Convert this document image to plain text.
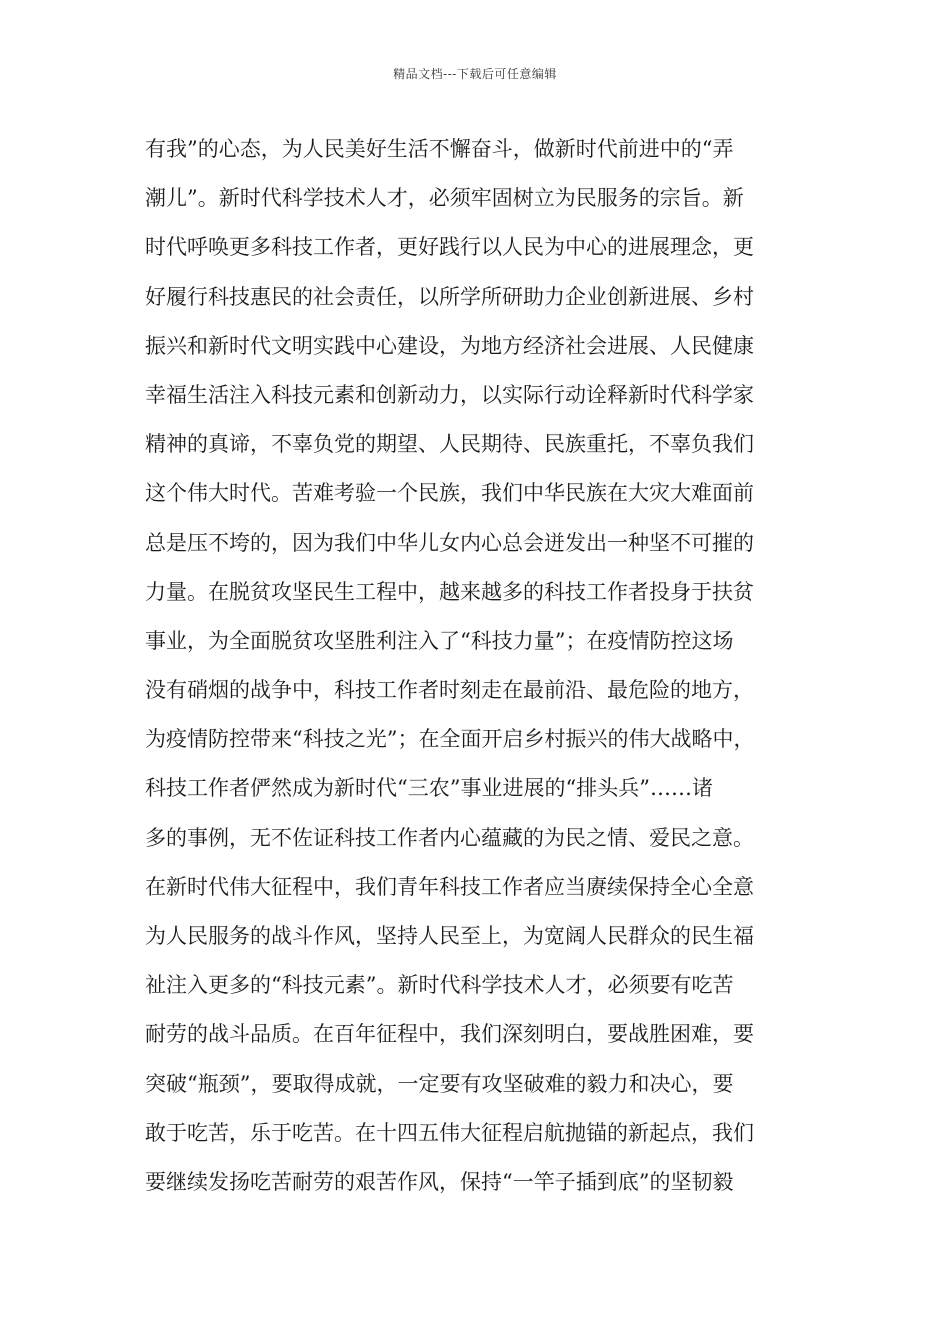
精品文档---下载后可任意编辑
有我”的心态，为人民美好生活不懈奋斗，做新时代前进中的“弄
潮儿”。新时代科学技术人才，必须牢固树立为民服务的宗旨。新
时代呼唤更多科技工作者，更好践行以人民为中心的进展理念，更
好履行科技惠民的社会责任，以所学所研助力企业创新进展、乡村
振兴和新时代文明实践中心建设，为地方经济社会进展、人民健康
幸福生活注入科技元素和创新动力，以实际行动诠释新时代科学家
精神的真谛，不辜负党的期望、人民期待、民族重托，不辜负我们
这个伟大时代。苦难考验一个民族，我们中华民族在大灾大难面前
总是压不垮的，因为我们中华儿女内心总会迸发出一种坚不可摧的
力量。在脱贫攻坚民生工程中，越来越多的科技工作者投身于扶贫
事业，为全面脱贫攻坚胜利注入了“科技力量”；在疫情防控这场
没有硝烟的战争中，科技工作者时刻走在最前沿、最危险的地方，
为疫情防控带来“科技之光”；在全面开启乡村振兴的伟大战略中，
科技工作者俨然成为新时代“三农”事业进展的“排头兵”……诸
多的事例，无不佐证科技工作者内心蕴藏的为民之情、爱民之意。
在新时代伟大征程中，我们青年科技工作者应当赓续保持全心全意
为人民服务的战斗作风，坚持人民至上，为宽阔人民群众的民生福
祉注入更多的“科技元素”。新时代科学技术人才，必须要有吃苦
耐劳的战斗品质。在百年征程中，我们深刻明白，要战胜困难，要
突破“瓶颈”，要取得成就，一定要有攻坚破难的毅力和决心，要
敢于吃苦，乐于吃苦。在十四五伟大征程启航抛锚的新起点，我们
要继续发扬吃苦耐劳的艰苦作风，保持“一竿子插到底”的坚韧毅
